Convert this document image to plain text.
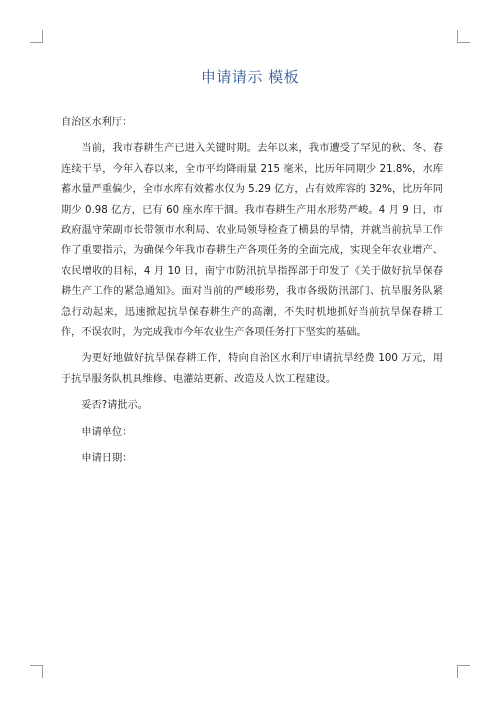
申请请示 模板

自治区水利厅：

当前，我市春耕生产已进入关键时期。去年以来，我市遭受了罕见的秋、冬、春连续干旱，今年入春以来，全市平均降雨量 215 毫米，比历年同期少 21.8%，水库蓄水量严重偏少，全市水库有效蓄水仅为 5.29 亿方，占有效库容的 32%，比历年同期少 0.98 亿方，已有 60 座水库干涸。我市春耕生产用水形势严峻。4 月 9 日，市政府温守荣副市长带领市水利局、农业局领导检查了横县的旱情，并就当前抗旱工作作了重要指示，为确保今年我市春耕生产各项任务的全面完成，实现全年农业增产、农民增收的目标，4 月 10 日，南宁市防汛抗旱指挥部于印发了《关于做好抗旱保春耕生产工作的紧急通知》。面对当前的严峻形势，我市各级防汛部门、抗旱服务队紧急行动起来，迅速掀起抗旱保春耕生产的高潮，不失时机地抓好当前抗旱保春耕工作，不误农时，为完成我市今年农业生产各项任务打下坚实的基础。

为更好地做好抗旱保春耕工作，特向自治区水利厅申请抗旱经费 100 万元，用于抗旱服务队机具维修、电灌站更新、改造及人饮工程建设。

妥否?请批示。

申请单位：

申请日期：
